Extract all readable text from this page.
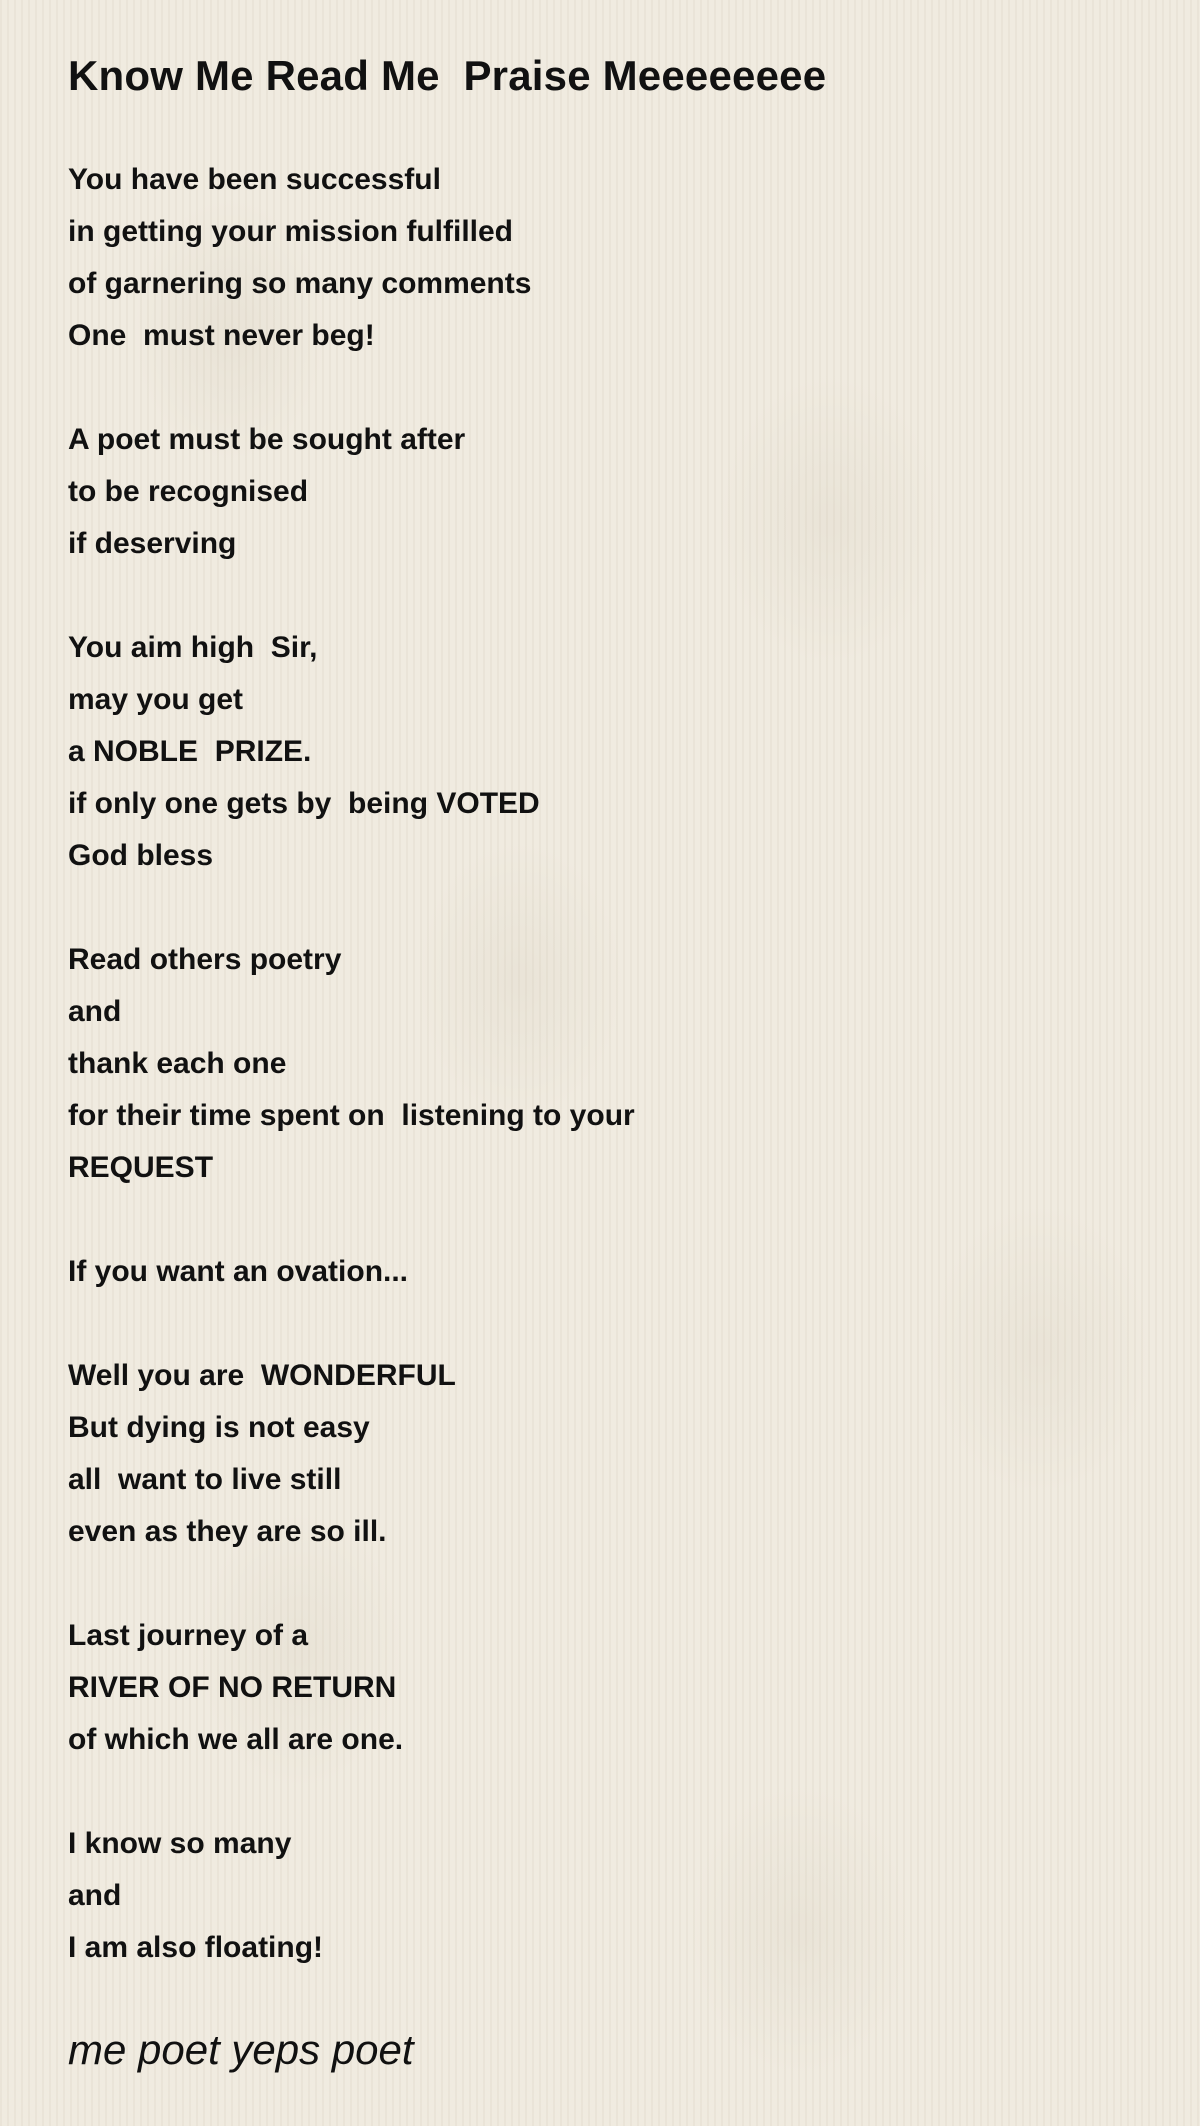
Know Me Read Me  Praise Meeeeeeee
You have been successful
in getting your mission fulfilled
of garnering so many comments
One  must never beg!
A poet must be sought after
to be recognised
if deserving
You aim high  Sir,
may you get
a NOBLE  PRIZE.
if only one gets by  being VOTED
God bless
Read others poetry
and
thank each one
for their time spent on  listening to your
REQUEST
If you want an ovation...
Well you are  WONDERFUL
But dying is not easy
all  want to live still
even as they are so ill.
Last journey of a
RIVER OF NO RETURN
of which we all are one.
I know so many
and
I am also floating!
me poet yeps poet
